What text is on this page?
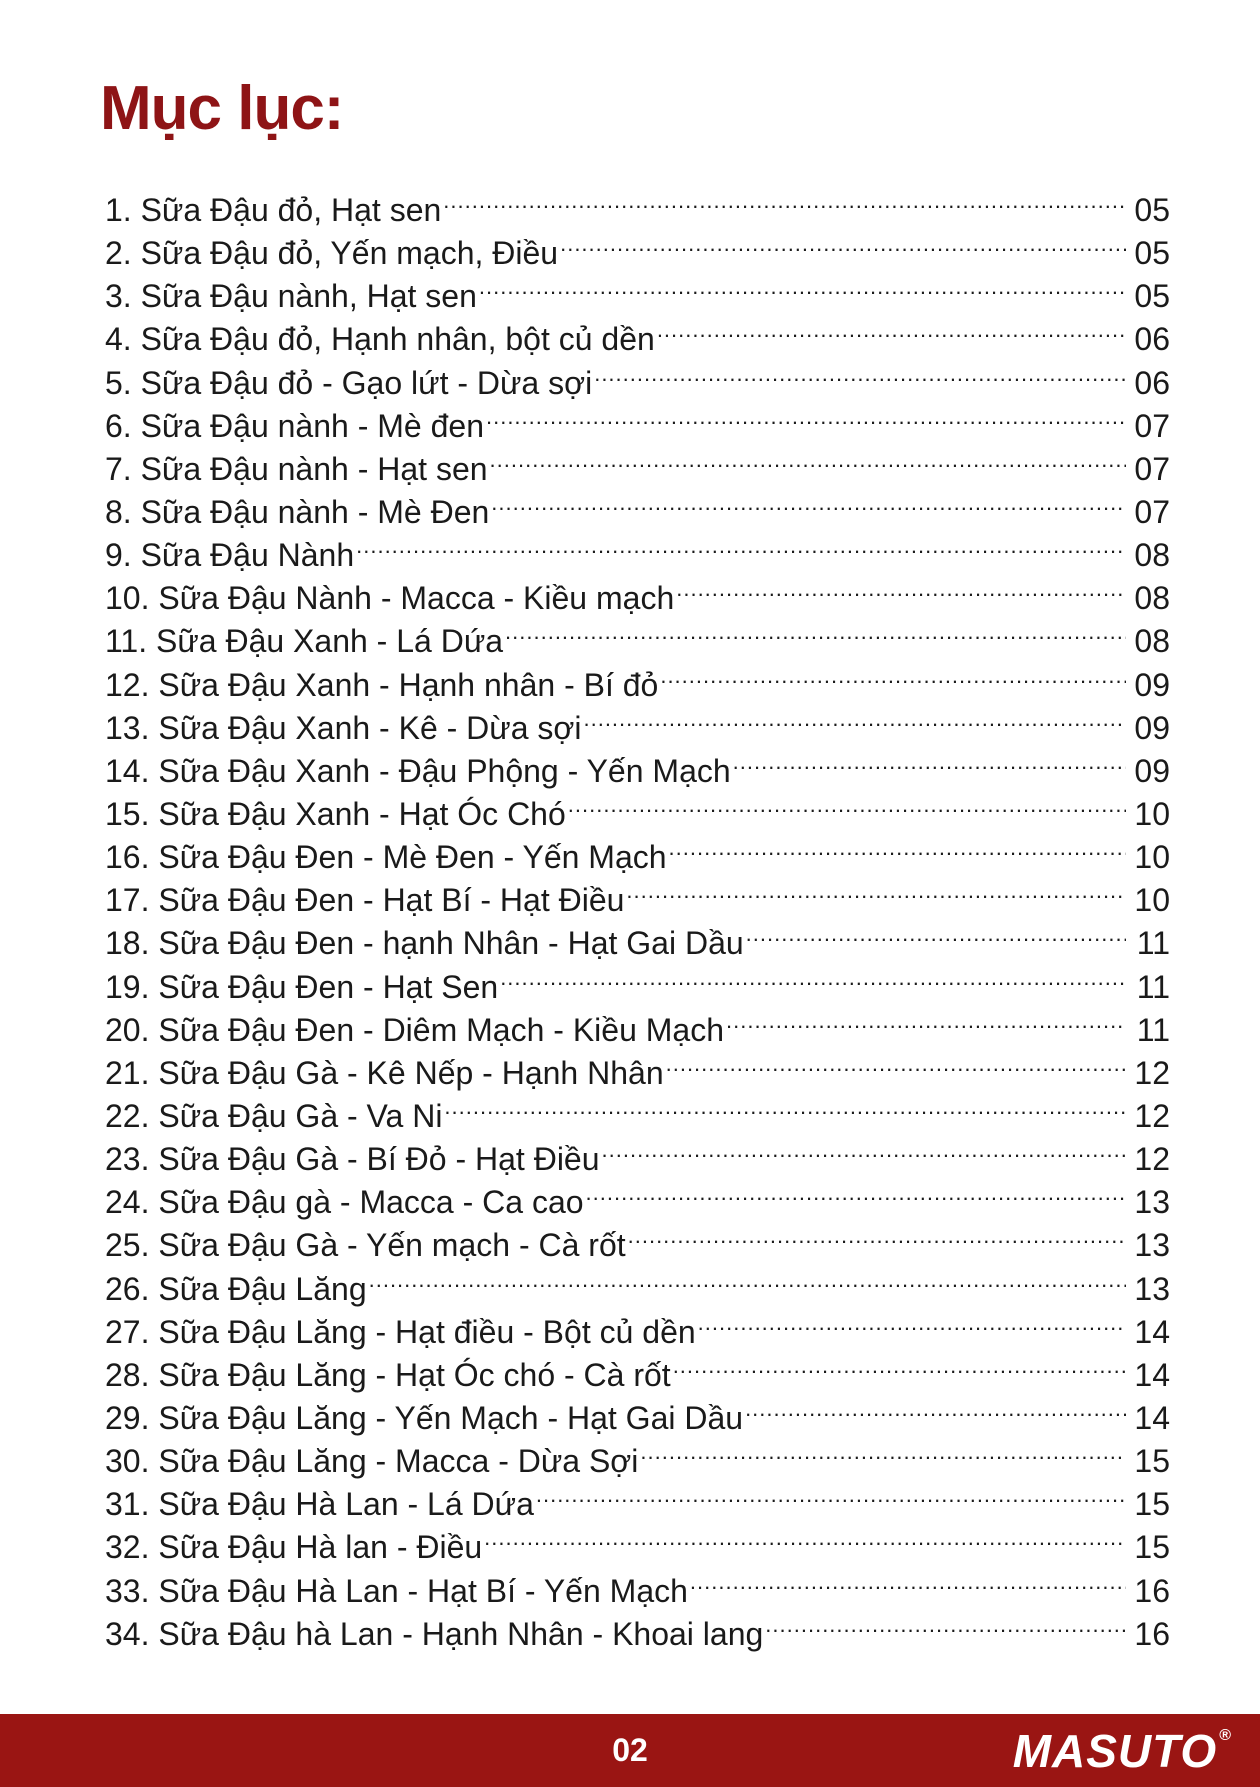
Mục lục:
1. Sữa Đậu đỏ, Hạt sen .....	05
2. Sữa Đậu đỏ, Yến mạch, Điều .....	05
3. Sữa Đậu nành, Hạt sen .....	05
4. Sữa Đậu đỏ, Hạnh nhân, bột củ dền .....	06
5. Sữa Đậu đỏ - Gạo lứt - Dừa sợi .....	06
6. Sữa Đậu nành - Mè đen .....	07
7. Sữa Đậu nành - Hạt sen .....	07
8. Sữa Đậu nành - Mè Đen .....	07
9. Sữa Đậu Nành .....	08
10. Sữa Đậu Nành - Macca - Kiều mạch .....	08
11. Sữa Đậu Xanh - Lá Dứa .....	08
12. Sữa Đậu Xanh - Hạnh nhân - Bí đỏ .....	09
13. Sữa Đậu Xanh - Kê - Dừa sợi .....	09
14. Sữa Đậu Xanh - Đậu Phộng - Yến Mạch .....	09
15. Sữa Đậu Xanh - Hạt Óc Chó .....	10
16. Sữa Đậu Đen - Mè Đen - Yến Mạch .....	10
17. Sữa Đậu Đen - Hạt Bí - Hạt Điều .....	10
18. Sữa Đậu Đen - hạnh Nhân - Hạt Gai Dầu .....	11
19. Sữa Đậu Đen - Hạt Sen .....	11
20. Sữa Đậu Đen - Diêm Mạch - Kiều Mạch .....	11
21. Sữa Đậu Gà - Kê Nếp - Hạnh Nhân .....	12
22. Sữa Đậu Gà - Va Ni .....	12
23. Sữa Đậu Gà - Bí Đỏ - Hạt Điều .....	12
24. Sữa Đậu gà - Macca - Ca cao .....	13
25. Sữa Đậu Gà - Yến mạch - Cà rốt .....	13
26. Sữa Đậu Lăng .....	13
27. Sữa Đậu Lăng - Hạt điều - Bột củ dền .....	14
28. Sữa Đậu Lăng - Hạt Óc chó - Cà rốt .....	14
29. Sữa Đậu Lăng - Yến Mạch - Hạt Gai Dầu .....	14
30. Sữa Đậu Lăng - Macca - Dừa Sợi .....	15
31. Sữa Đậu Hà Lan - Lá Dứa .....	15
32. Sữa Đậu Hà lan - Điều .....	15
33. Sữa Đậu Hà Lan - Hạt Bí - Yến Mạch .....	16
34. Sữa Đậu hà Lan - Hạnh Nhân - Khoai lang .....	16
02	MASUTO ®
